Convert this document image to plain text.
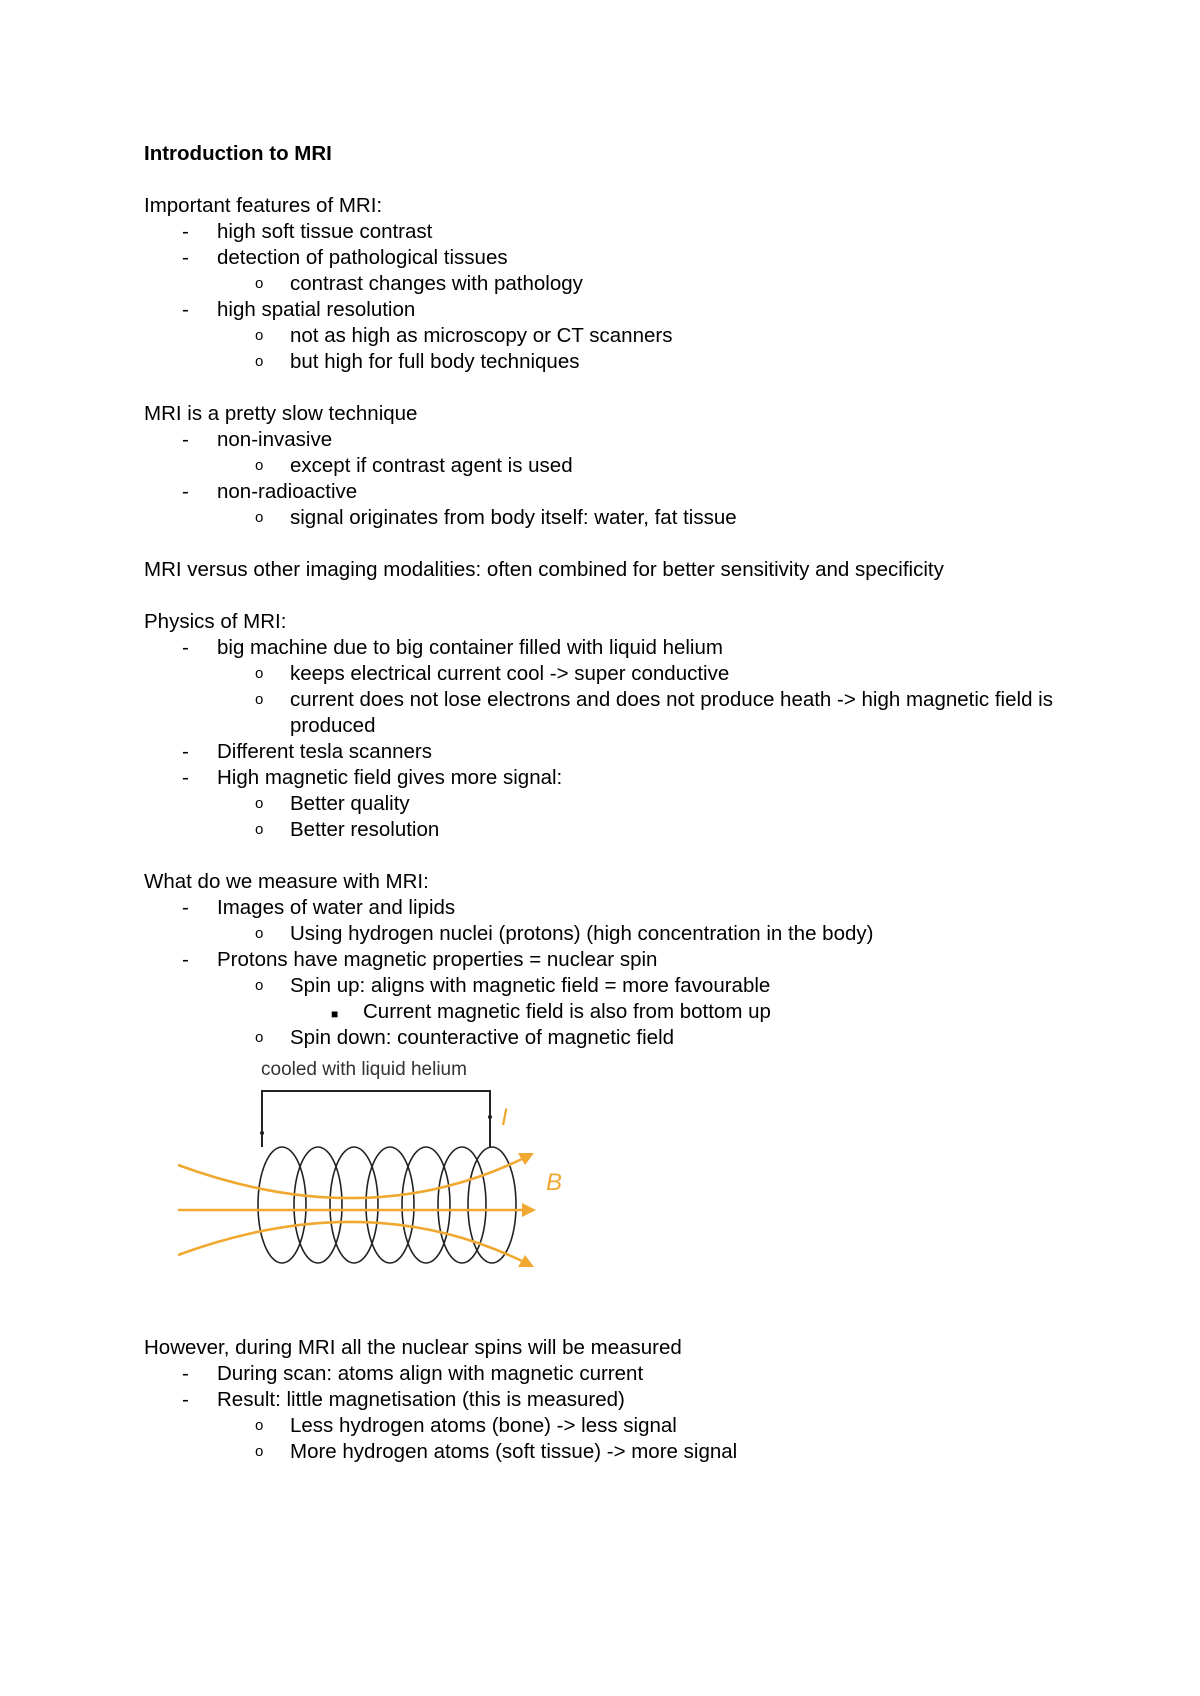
Introduction to MRI
Important features of MRI:
- high soft tissue contrast
- detection of pathological tissues
o contrast changes with pathology
- high spatial resolution
o not as high as microscopy or CT scanners
o but high for full body techniques
MRI is a pretty slow technique
- non-invasive
o except if contrast agent is used
- non-radioactive
o signal originates from body itself: water, fat tissue
MRI versus other imaging modalities: often combined for better sensitivity and specificity
Physics of MRI:
- big machine due to big container filled with liquid helium
o keeps electrical current cool -> super conductive
o current does not lose electrons and does not produce heath -> high magnetic field is produced
- Different tesla scanners
- High magnetic field gives more signal:
o Better quality
o Better resolution
What do we measure with MRI:
- Images of water and lipids
o Using hydrogen nuclei (protons) (high concentration in the body)
- Protons have magnetic properties = nuclear spin
o Spin up: aligns with magnetic field = more favourable
■ Current magnetic field is also from bottom up
o Spin down: counteractive of magnetic field
cooled with liquid helium
I
B
However, during MRI all the nuclear spins will be measured
- During scan: atoms align with magnetic current
- Result: little magnetisation (this is measured)
o Less hydrogen atoms (bone) -> less signal
o More hydrogen atoms (soft tissue) -> more signal
